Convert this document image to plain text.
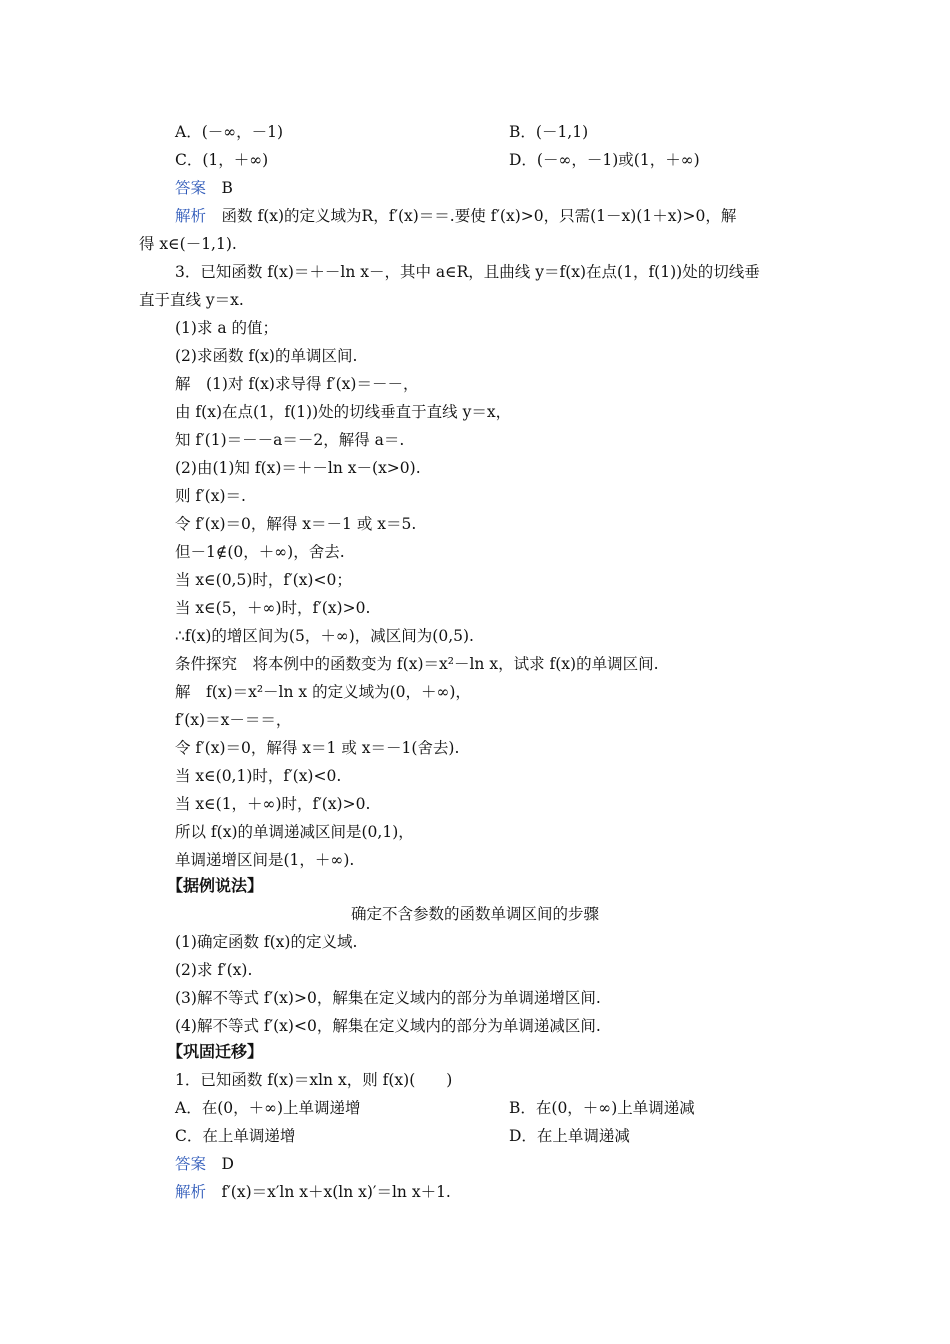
A．(－∞，－1)	B．(－1,1)
C．(1，＋∞)	D．(－∞，－1)或(1，＋∞)
答案　 B
解析　 函数 f(x)的定义域为R，f′(x)＝＝.要使 f′(x)>0，只需(1－x)(1＋x)>0，解
得 x∈(－1,1).
3．已知函数 f(x)＝＋－ln x－，其中 a∈R，且曲线 y＝f(x)在点(1，f(1))处的切线垂
直于直线 y＝x.
(1)求 a 的值；
(2)求函数 f(x)的单调区间.
解　(1)对 f(x)求导得 f′(x)＝－－，
由 f(x)在点(1，f(1))处的切线垂直于直线 y＝x，
知 f′(1)＝－－a＝－2，解得 a＝.
(2)由(1)知 f(x)＝＋－ln x－(x>0).
则 f′(x)＝.
令 f′(x)＝0，解得 x＝－1 或 x＝5.
但－1∉(0，＋∞)，舍去.
当 x∈(0,5)时，f′(x)<0；
当 x∈(5，＋∞)时，f′(x)>0.
∴f(x)的增区间为(5，＋∞)，减区间为(0,5).
条件探究　将本例中的函数变为 f(x)＝x²－ln x，试求 f(x)的单调区间.
解　f(x)＝x²－ln x 的定义域为(0，＋∞)，
f′(x)＝x－＝＝，
令 f′(x)＝0，解得 x＝1 或 x＝－1(舍去).
当 x∈(0,1)时，f′(x)<0.
当 x∈(1，＋∞)时，f′(x)>0.
所以 f(x)的单调递减区间是(0,1)，
单调递增区间是(1，＋∞).
【据例说法】
确定不含参数的函数单调区间的步骤
(1)确定函数 f(x)的定义域.
(2)求 f′(x).
(3)解不等式 f′(x)>0，解集在定义域内的部分为单调递增区间.
(4)解不等式 f′(x)<0，解集在定义域内的部分为单调递减区间.
【巩固迁移】
1．已知函数 f(x)＝xln x，则 f(x)(　　)
A．在(0，＋∞)上单调递增	B．在(0，＋∞)上单调递减
C．在上单调递增	D．在上单调递减
答案　 D
解析　 f′(x)＝x′ln x＋x(ln x)′＝ln x＋1.
